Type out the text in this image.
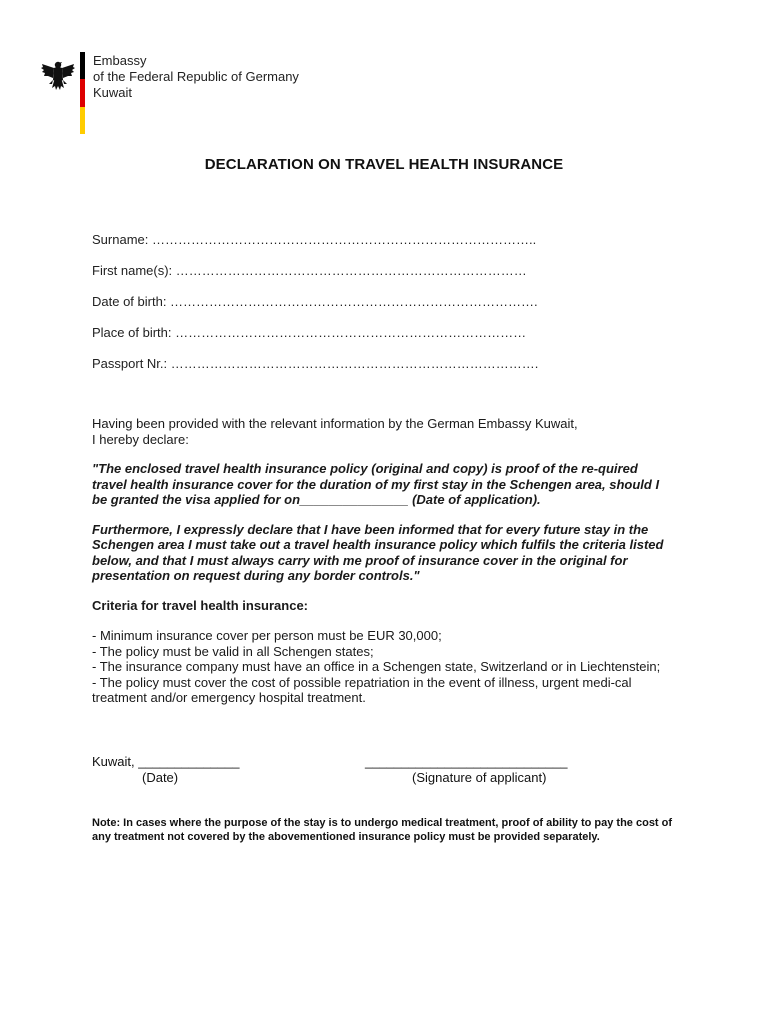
Embassy
of the Federal Republic of Germany
Kuwait
DECLARATION ON TRAVEL HEALTH INSURANCE
Surname: ……………………………………………………………………………..
First name(s): ………………………………………………………………………
Date of birth: ………………………………………………………………………….
Place of birth: ………………………………………………………………………
Passport Nr.: ………………………………………………………………………….
Having been provided with the relevant information by the German Embassy Kuwait,
I hereby declare:
"The enclosed travel health insurance policy (original and copy) is proof of the re-quired travel health insurance cover for the duration of my first stay in the Schengen area, should I be granted the visa applied for on_______________ (Date of application).
Furthermore, I expressly declare that I have been informed that for every future stay in the Schengen area I must take out a travel health insurance policy which fulfils the criteria listed below, and that I must always carry with me proof of insurance cover in the original for presentation on request during any border controls."
Criteria for travel health insurance:
- Minimum insurance cover per person must be EUR 30,000;
- The policy must be valid in all Schengen states;
- The insurance company must have an office in a Schengen state, Switzerland or in Liechtenstein;
- The policy must cover the cost of possible repatriation in the event of illness, urgent medi-cal treatment and/or emergency hospital treatment.
Kuwait, ______________
(Date)
____________________________
(Signature of applicant)
Note: In cases where the purpose of the stay is to undergo medical treatment, proof of ability to pay the cost of any treatment not covered by the abovementioned insurance policy must be provided separately.
